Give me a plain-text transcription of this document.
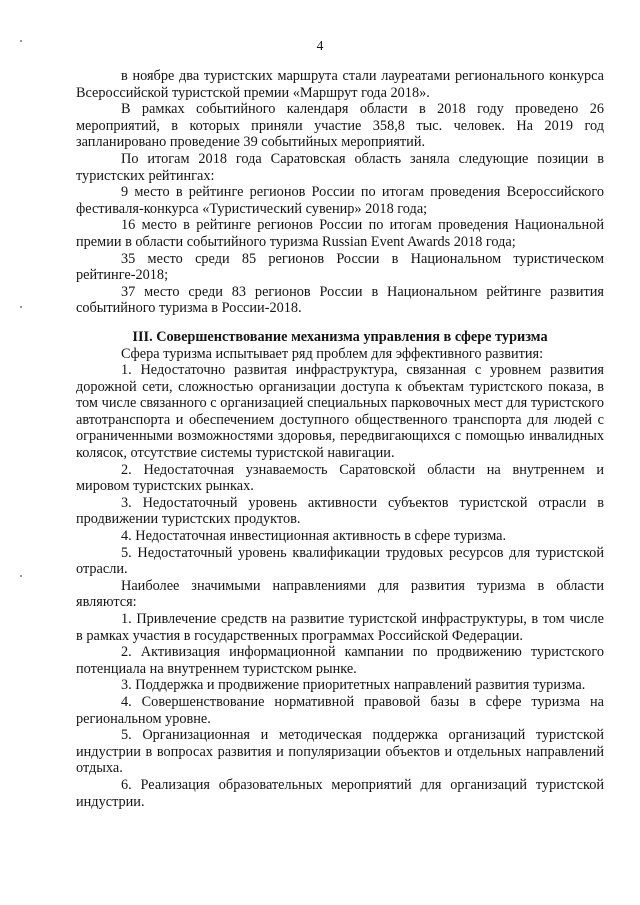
4

в ноябре два туристских маршрута стали лауреатами регионального конкурса Всероссийской туристской премии «Маршрут года 2018».

В рамках событийного календаря области в 2018 году проведено 26 мероприятий, в которых приняли участие 358,8 тыс. человек. На 2019 год запланировано проведение 39 событийных мероприятий.

По итогам 2018 года Саратовская область заняла следующие позиции в туристских рейтингах:

9 место в рейтинге регионов России по итогам проведения Всероссийского фестиваля-конкурса «Туристический сувенир» 2018 года;

16 место в рейтинге регионов России по итогам проведения Национальной премии в области событийного туризма Russian Event Awards 2018 года;

35 место среди 85 регионов России в Национальном туристическом рейтинге-2018;

37 место среди 83 регионов России в Национальном рейтинге развития событийного туризма в России-2018.

III. Совершенствование механизма управления в сфере туризма

Сфера туризма испытывает ряд проблем для эффективного развития:

1. Недостаточно развитая инфраструктура, связанная с уровнем развития дорожной сети, сложностью организации доступа к объектам туристского показа, в том числе связанного с организацией специальных парковочных мест для туристского автотранспорта и обеспечением доступного общественного транспорта для людей с ограниченными возможностями здоровья, передвигающихся с помощью инвалидных колясок, отсутствие системы туристской навигации.

2. Недостаточная узнаваемость Саратовской области на внутреннем и мировом туристских рынках.

3. Недостаточный уровень активности субъектов туристской отрасли в продвижении туристских продуктов.

4. Недостаточная инвестиционная активность в сфере туризма.

5. Недостаточный уровень квалификации трудовых ресурсов для туристской отрасли.

Наиболее значимыми направлениями для развития туризма в области являются:

1. Привлечение средств на развитие туристской инфраструктуры, в том числе в рамках участия в государственных программах Российской Федерации.

2. Активизация информационной кампании по продвижению туристского потенциала на внутреннем туристском рынке.

3. Поддержка и продвижение приоритетных направлений развития туризма.

4. Совершенствование нормативной правовой базы в сфере туризма на региональном уровне.

5. Организационная и методическая поддержка организаций туристской индустрии в вопросах развития и популяризации объектов и отдельных направлений отдыха.

6. Реализация образовательных мероприятий для организаций туристской индустрии.
